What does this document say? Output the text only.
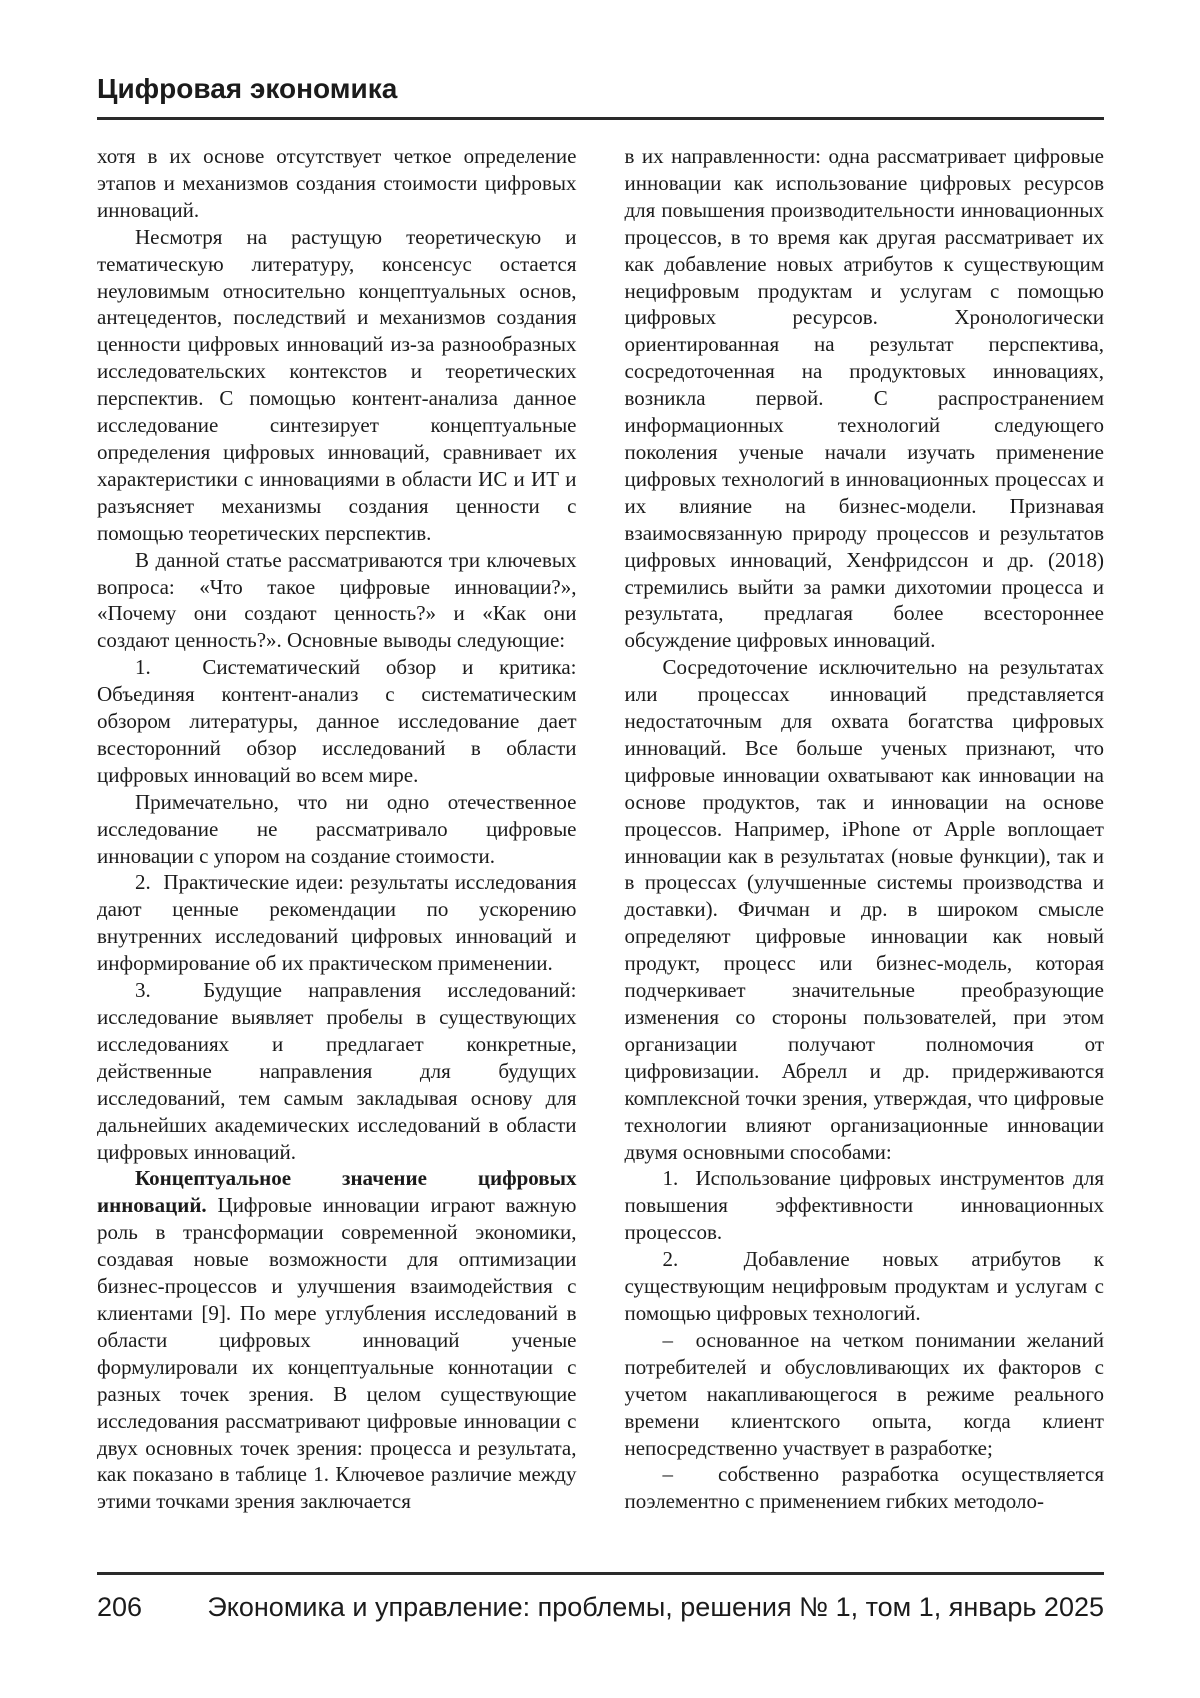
Цифровая экономика

хотя в их основе отсутствует четкое определение этапов и механизмов создания стоимости цифровых инноваций.

Несмотря на растущую теоретическую и тематическую литературу, консенсус остается неуловимым относительно концептуальных основ, антецедентов, последствий и механизмов создания ценности цифровых инноваций из-за разнообразных исследовательских контекстов и теоретических перспектив. С помощью контент-анализа данное исследование синтезирует концептуальные определения цифровых инноваций, сравнивает их характеристики с инновациями в области ИС и ИТ и разъясняет механизмы создания ценности с помощью теоретических перспектив.

В данной статье рассматриваются три ключевых вопроса: «Что такое цифровые инновации?», «Почему они создают ценность?» и «Как они создают ценность?». Основные выводы следующие:

1.  Систематический обзор и критика: Объединяя контент-анализ с систематическим обзором литературы, данное исследование дает всесторонний обзор исследований в области цифровых инноваций во всем мире.

Примечательно, что ни одно отечественное исследование не рассматривало цифровые инновации с упором на создание стоимости.

2.  Практические идеи: результаты исследования дают ценные рекомендации по ускорению внутренних исследований цифровых инноваций и информирование об их практическом применении.

3.  Будущие направления исследований: исследование выявляет пробелы в существующих исследованиях и предлагает конкретные, действенные направления для будущих исследований, тем самым закладывая основу для дальнейших академических исследований в области цифровых инноваций.

Концептуальное значение цифровых инноваций. Цифровые инновации играют важную роль в трансформации современной экономики, создавая новые возможности для оптимизации бизнес-процессов и улучшения взаимодействия с клиентами [9]. По мере углубления исследований в области цифровых инноваций ученые формулировали их концептуальные коннотации с разных точек зрения. В целом существующие исследования рассматривают цифровые инновации с двух основных точек зрения: процесса и результата, как показано в таблице 1. Ключевое различие между этими точками зрения заключается

в их направленности: одна рассматривает цифровые инновации как использование цифровых ресурсов для повышения производительности инновационных процессов, в то время как другая рассматривает их как добавление новых атрибутов к существующим нецифровым продуктам и услугам с помощью цифровых ресурсов. Хронологически ориентированная на результат перспектива, сосредоточенная на продуктовых инновациях, возникла первой. С распространением информационных технологий следующего поколения ученые начали изучать применение цифровых технологий в инновационных процессах и их влияние на бизнес-модели. Признавая взаимосвязанную природу процессов и результатов цифровых инноваций, Хенфридссон и др. (2018) стремились выйти за рамки дихотомии процесса и результата, предлагая более всестороннее обсуждение цифровых инноваций.

Сосредоточение исключительно на результатах или процессах инноваций представляется недостаточным для охвата богатства цифровых инноваций. Все больше ученых признают, что цифровые инновации охватывают как инновации на основе продуктов, так и инновации на основе процессов. Например, iPhone от Apple воплощает инновации как в результатах (новые функции), так и в процессах (улучшенные системы производства и доставки). Фичман и др. в широком смысле определяют цифровые инновации как новый продукт, процесс или бизнес-модель, которая подчеркивает значительные преобразующие изменения со стороны пользователей, при этом организации получают полномочия от цифровизации. Абрелл и др. придерживаются комплексной точки зрения, утверждая, что цифровые технологии влияют организационные инновации двумя основными способами:

1.  Использование цифровых инструментов для повышения эффективности инновационных процессов.

2.  Добавление новых атрибутов к существующим нецифровым продуктам и услугам с помощью цифровых технологий.

–  основанное на четком понимании желаний потребителей и обусловливающих их факторов с учетом накапливающегося в режиме реального времени клиентского опыта, когда клиент непосредственно участвует в разработке;

–  собственно разработка осуществляется поэлементно с применением гибких методоло-

206 Экономика и управление: проблемы, решения № 1, том 1, январь 2025
